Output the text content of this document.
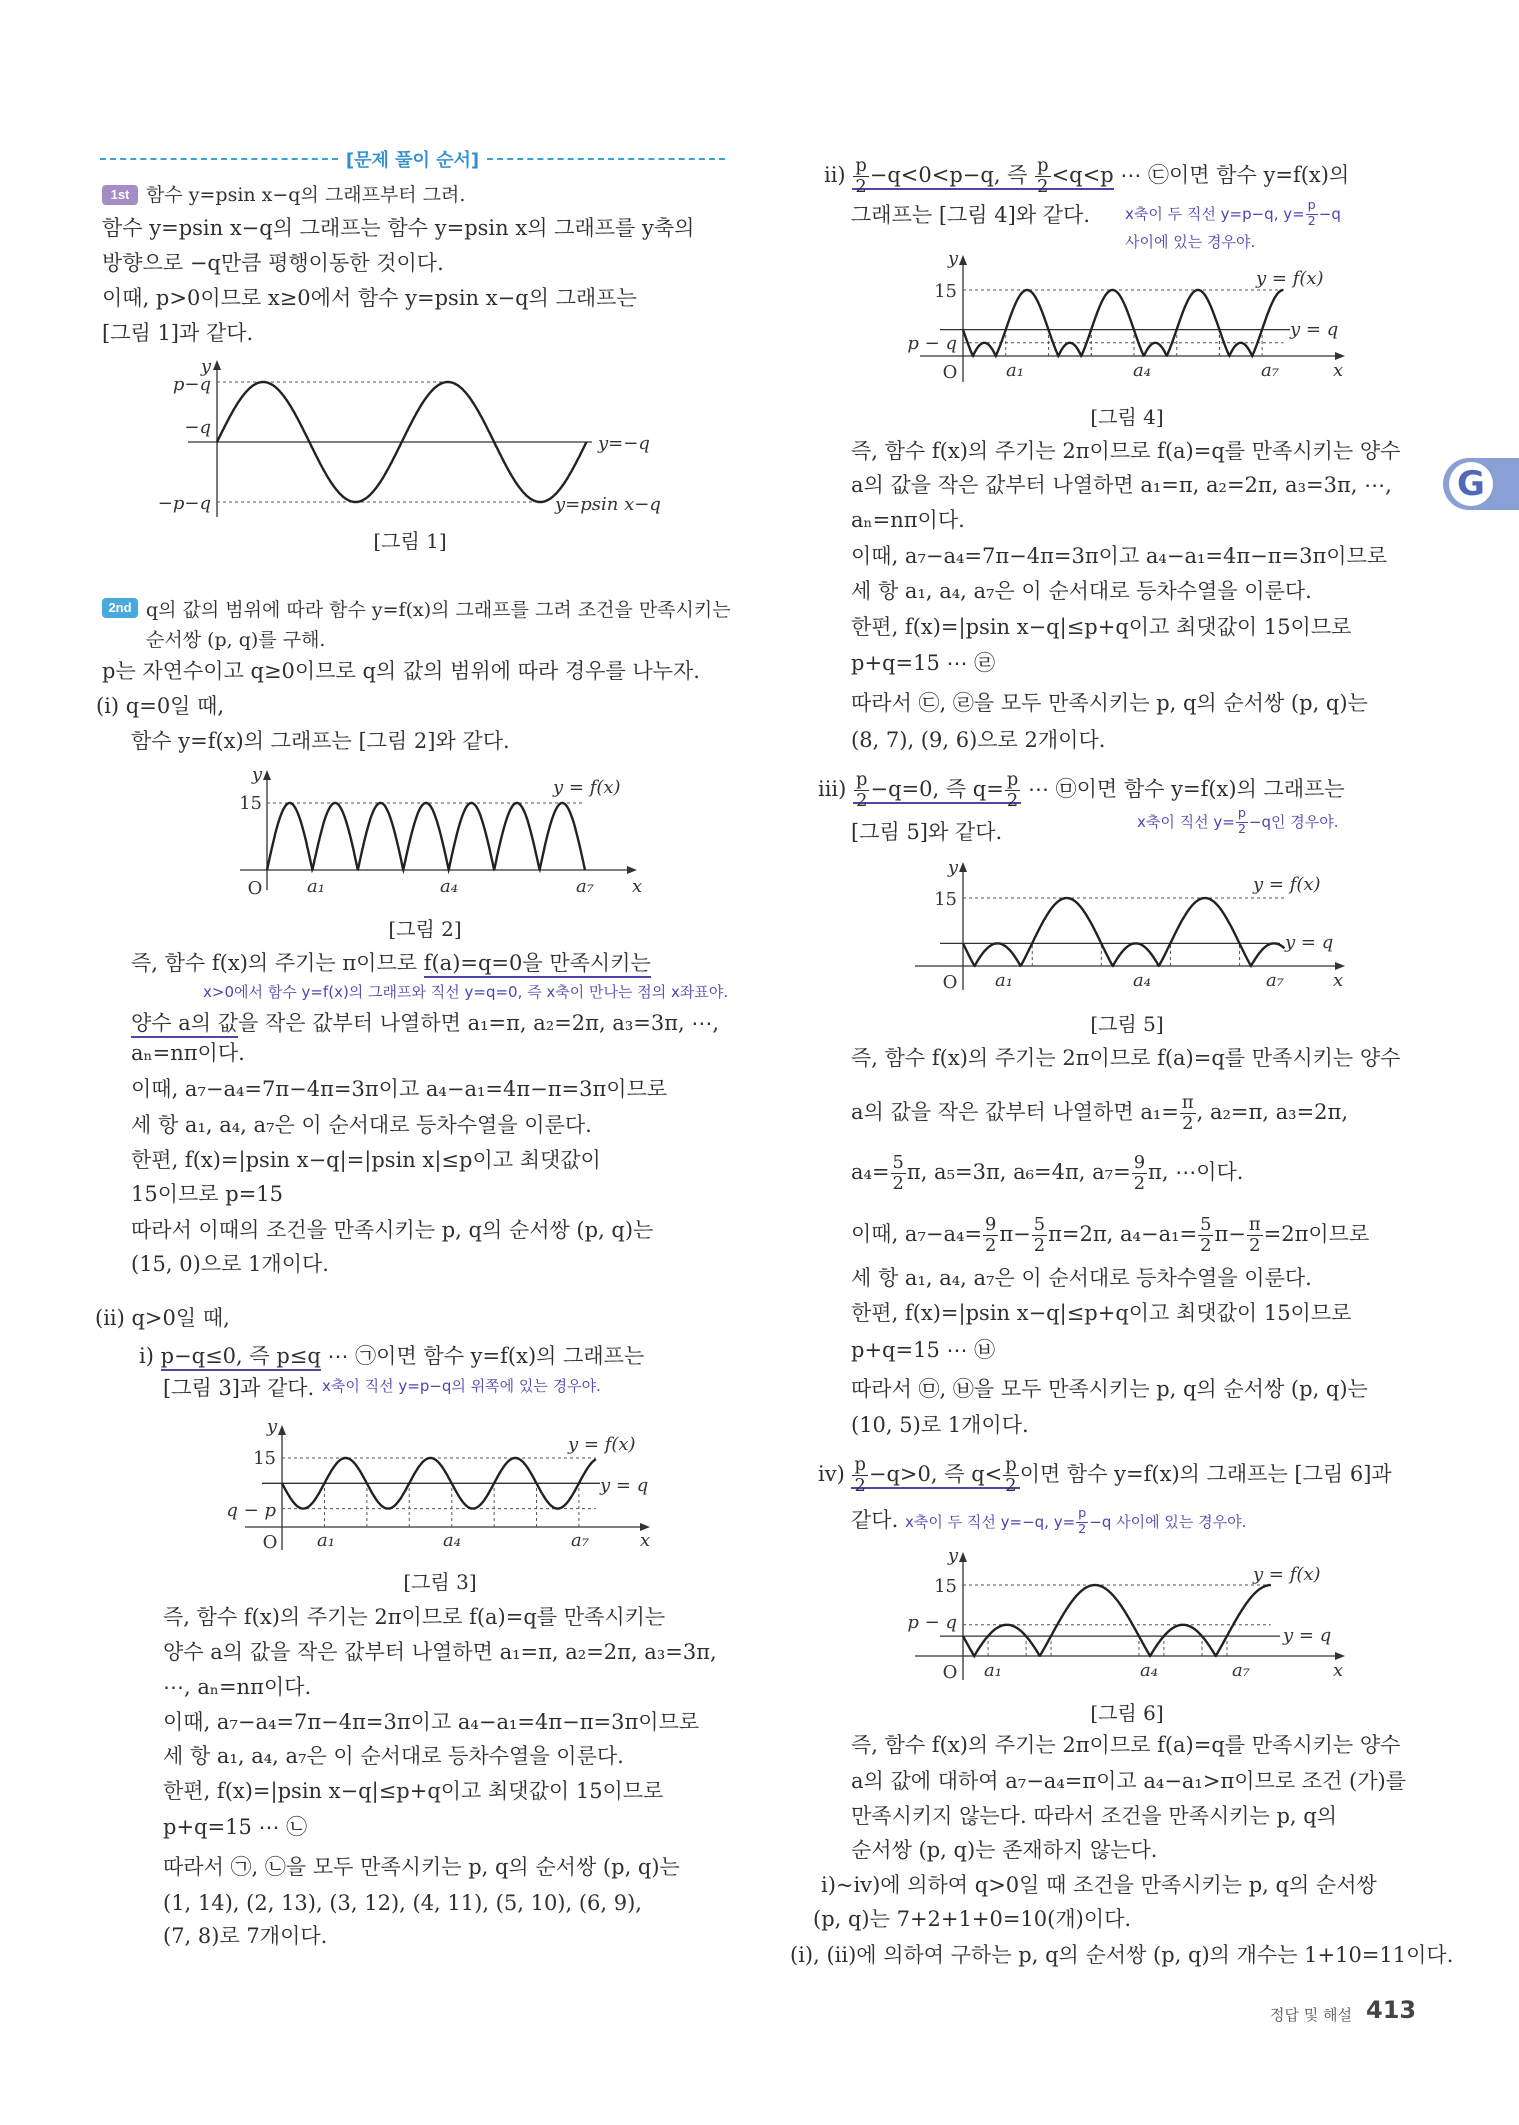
[문제 풀이 순서]
1st 함수 y=psin x−q의 그래프부터 그려.
함수 y=psin x−q의 그래프는 함수 y=psin x의 그래프를 y축의
방향으로 −q만큼 평행이동한 것이다.
이때, p>0이므로 x≥0에서 함수 y=psin x−q의 그래프는
[그림 1]과 같다.
[그림 1]
2nd q의 값의 범위에 따라 함수 y=f(x)의 그래프를 그려 조건을 만족시키는
순서쌍 (p, q)를 구해.
p는 자연수이고 q≥0이므로 q의 값의 범위에 따라 경우를 나누자.
(i) q=0일 때,
함수 y=f(x)의 그래프는 [그림 2]와 같다.
[그림 2]
즉, 함수 f(x)의 주기는 π이므로 f(a)=q=0을 만족시키는
x>0에서 함수 y=f(x)의 그래프와 직선 y=q=0, 즉 x축이 만나는 점의 x좌표야.
양수 a의 값을 작은 값부터 나열하면 a₁=π, a₂=2π, a₃=3π, ⋯,
aₙ=nπ이다.
이때, a₇−a₄=7π−4π=3π이고 a₄−a₁=4π−π=3π이므로
세 항 a₁, a₄, a₇은 이 순서대로 등차수열을 이룬다.
한편, f(x)=|psin x−q|=|psin x|≤p이고 최댓값이
15이므로 p=15
따라서 이때의 조건을 만족시키는 p, q의 순서쌍 (p, q)는
(15, 0)으로 1개이다.
(ii) q>0일 때,
i) p−q≤0, 즉 p≤q ⋯ ㉠이면 함수 y=f(x)의 그래프는
[그림 3]과 같다. x축이 직선 y=p−q의 위쪽에 있는 경우야.
[그림 3]
즉, 함수 f(x)의 주기는 2π이므로 f(a)=q를 만족시키는
양수 a의 값을 작은 값부터 나열하면 a₁=π, a₂=2π, a₃=3π,
⋯, aₙ=nπ이다.
이때, a₇−a₄=7π−4π=3π이고 a₄−a₁=4π−π=3π이므로
세 항 a₁, a₄, a₇은 이 순서대로 등차수열을 이룬다.
한편, f(x)=|psin x−q|≤p+q이고 최댓값이 15이므로
p+q=15 ⋯ ㉡
따라서 ㉠, ㉡을 모두 만족시키는 p, q의 순서쌍 (p, q)는
(1, 14), (2, 13), (3, 12), (4, 11), (5, 10), (6, 9),
(7, 8)로 7개이다.
$ii) \frac{p}{2} -q<0<p-q$, 즉 $\frac{p}{2} <q<p$ ⋯ ㉢이면 함수 y=f(x)의
그래프는 [그림 4]와 같다. x축이 두 직선 y=p−q, $y= \frac{p}{2} -q$
사이에 있는 경우야.
[그림 4]
즉, 함수 f(x)의 주기는 2π이므로 f(a)=q를 만족시키는 양수
a의 값을 작은 값부터 나열하면 a₁=π, a₂=2π, a₃=3π, ⋯,
aₙ=nπ이다.
이때, a₇−a₄=7π−4π=3π이고 a₄−a₁=4π−π=3π이므로
세 항 a₁, a₄, a₇은 이 순서대로 등차수열을 이룬다.
한편, f(x)=|psin x−q|≤p+q이고 최댓값이 15이므로
p+q=15 ⋯ ㉣
따라서 ㉢, ㉣을 모두 만족시키는 p, q의 순서쌍 (p, q)는
(8, 7), (9, 6)으로 2개이다.
$iii) \frac{p}{2} -q=0$, 즉 $q= \frac{p}{2}$ ⋯ ㉤이면 함수 y=f(x)의 그래프는
[그림 5]와 같다.	x축이 직선 $y= \frac{p}{2} -q$인 경우야.
[그림 5]
즉, 함수 f(x)의 주기는 2π이므로 f(a)=q를 만족시키는 양수
a의 값을 작은 값부터 나열하면 $a_1= \frac{\pi}{2}$ , a₂=π, a₃=2π,
$a_4= \frac{5}{2} \pi$, a₅=3π, a₆=4π, $a_7= \frac{9}{2} \pi$, ⋯이다.
이때, $a_7-a_4= \frac{9}{2} \pi- \frac{5}{2} \pi=2\pi$, $a_4-a_1= \frac{5}{2} \pi- \frac{\pi}{2} =2\pi$이므로
세 항 a₁, a₄, a₇은 이 순서대로 등차수열을 이룬다.
한편, f(x)=|psin x−q|≤p+q이고 최댓값이 15이므로
p+q=15 ⋯ ㉥
따라서 ㉤, ㉥을 모두 만족시키는 p, q의 순서쌍 (p, q)는
(10, 5)로 1개이다.
$iv) \frac{p}{2} -q>0$, 즉 $q< \frac{p}{2}$ 이면 함수 y=f(x)의 그래프는 [그림 6]과
같다. x축이 두 직선 y=−q, $y= \frac{p}{2} -q$ 사이에 있는 경우야.
[그림 6]
즉, 함수 f(x)의 주기는 2π이므로 f(a)=q를 만족시키는 양수
a의 값에 대하여 a₇−a₄=π이고 a₄−a₁>π이므로 조건 (가)를
만족시키지 않는다. 따라서 조건을 만족시키는 p, q의
순서쌍 (p, q)는 존재하지 않는다.
i)~iv)에 의하여 q>0일 때 조건을 만족시키는 p, q의 순서쌍
(p, q)는 7+2+1+0=10(개)이다.
(i), (ii)에 의하여 구하는 p, q의 순서쌍 (p, q)의 개수는 1+10=11이다.
G
정답 및 해설 413
y
p−q
−q
−p−q
y=−q
y=psin x−q
y
15
O a₁	a₄	a₇ x
y = f(x)
y
15
q − p
O a₁	a₄	a₇	x
y = f(x)
y = q
y
15
p − q
O	a₁	a₄	a₇	x
y = f(x)
y = q
y
15
O a₁	a₄	a₇	x
y = f(x)
y = q
y
15
p − q
O a₁	a₄	a₇	x
y = f(x)
y = q
